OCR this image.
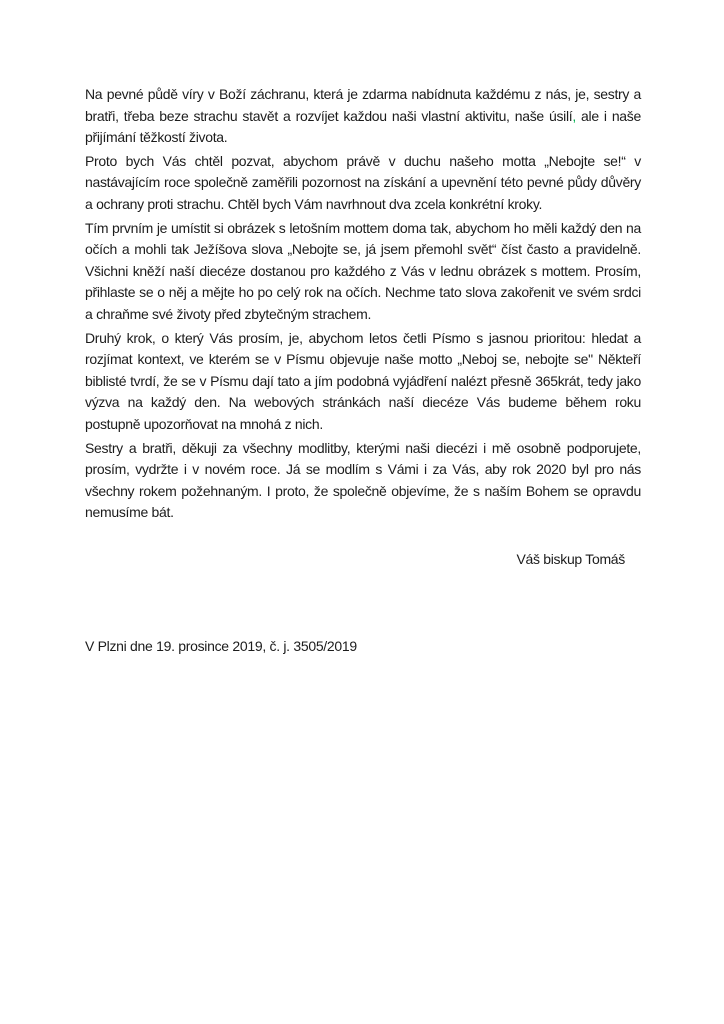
Na pevné půdě víry v Boží záchranu, která je zdarma nabídnuta každému z nás, je, sestry a bratři, třeba beze strachu stavět a rozvíjet každou naši vlastní aktivitu, naše úsilí, ale i naše přijímání těžkostí života.

Proto bych Vás chtěl pozvat, abychom právě v duchu našeho motta „Nebojte se!“ v nastávajícím roce společně zaměřili pozornost na získání a upevnění této pevné půdy důvěry a ochrany proti strachu. Chtěl bych Vám navrhnout dva zcela konkrétní kroky.

Tím prvním je umístit si obrázek s letošním mottem doma tak, abychom ho měli každý den na očích a mohli tak Ježíšova slova „Nebojte se, já jsem přemohl svět“ číst často a pravidelně. Všichni kněží naší diecéze dostanou pro každého z Vás v lednu obrázek s mottem. Prosím, přihlaste se o něj a mějte ho po celý rok na očích. Nechme tato slova zakořenit ve svém srdci a chraňme své životy před zbytečným strachem.

Druhý krok, o který Vás prosím, je, abychom letos četli Písmo s jasnou prioritou: hledat a rozjímat kontext, ve kterém se v Písmu objevuje naše motto „Neboj se, nebojte se" Někteří biblisté tvrdí, že se v Písmu dají tato a jím podobná vyjádření nalézt přesně 365krát, tedy jako výzva na každý den. Na webových stránkách naší diecéze Vás budeme během roku postupně upozorňovat na mnohá z nich.

Sestry a bratři, děkuji za všechny modlitby, kterými naši diecézi i mě osobně podporujete, prosím, vydržte i v novém roce. Já se modlím s Vámi i za Vás, aby rok 2020 byl pro nás všechny rokem požehnaným. I proto, že společně objevíme, že s naším Bohem se opravdu nemusíme bát.

Váš biskup Tomáš
V Plzni dne 19. prosince 2019, č. j. 3505/2019
